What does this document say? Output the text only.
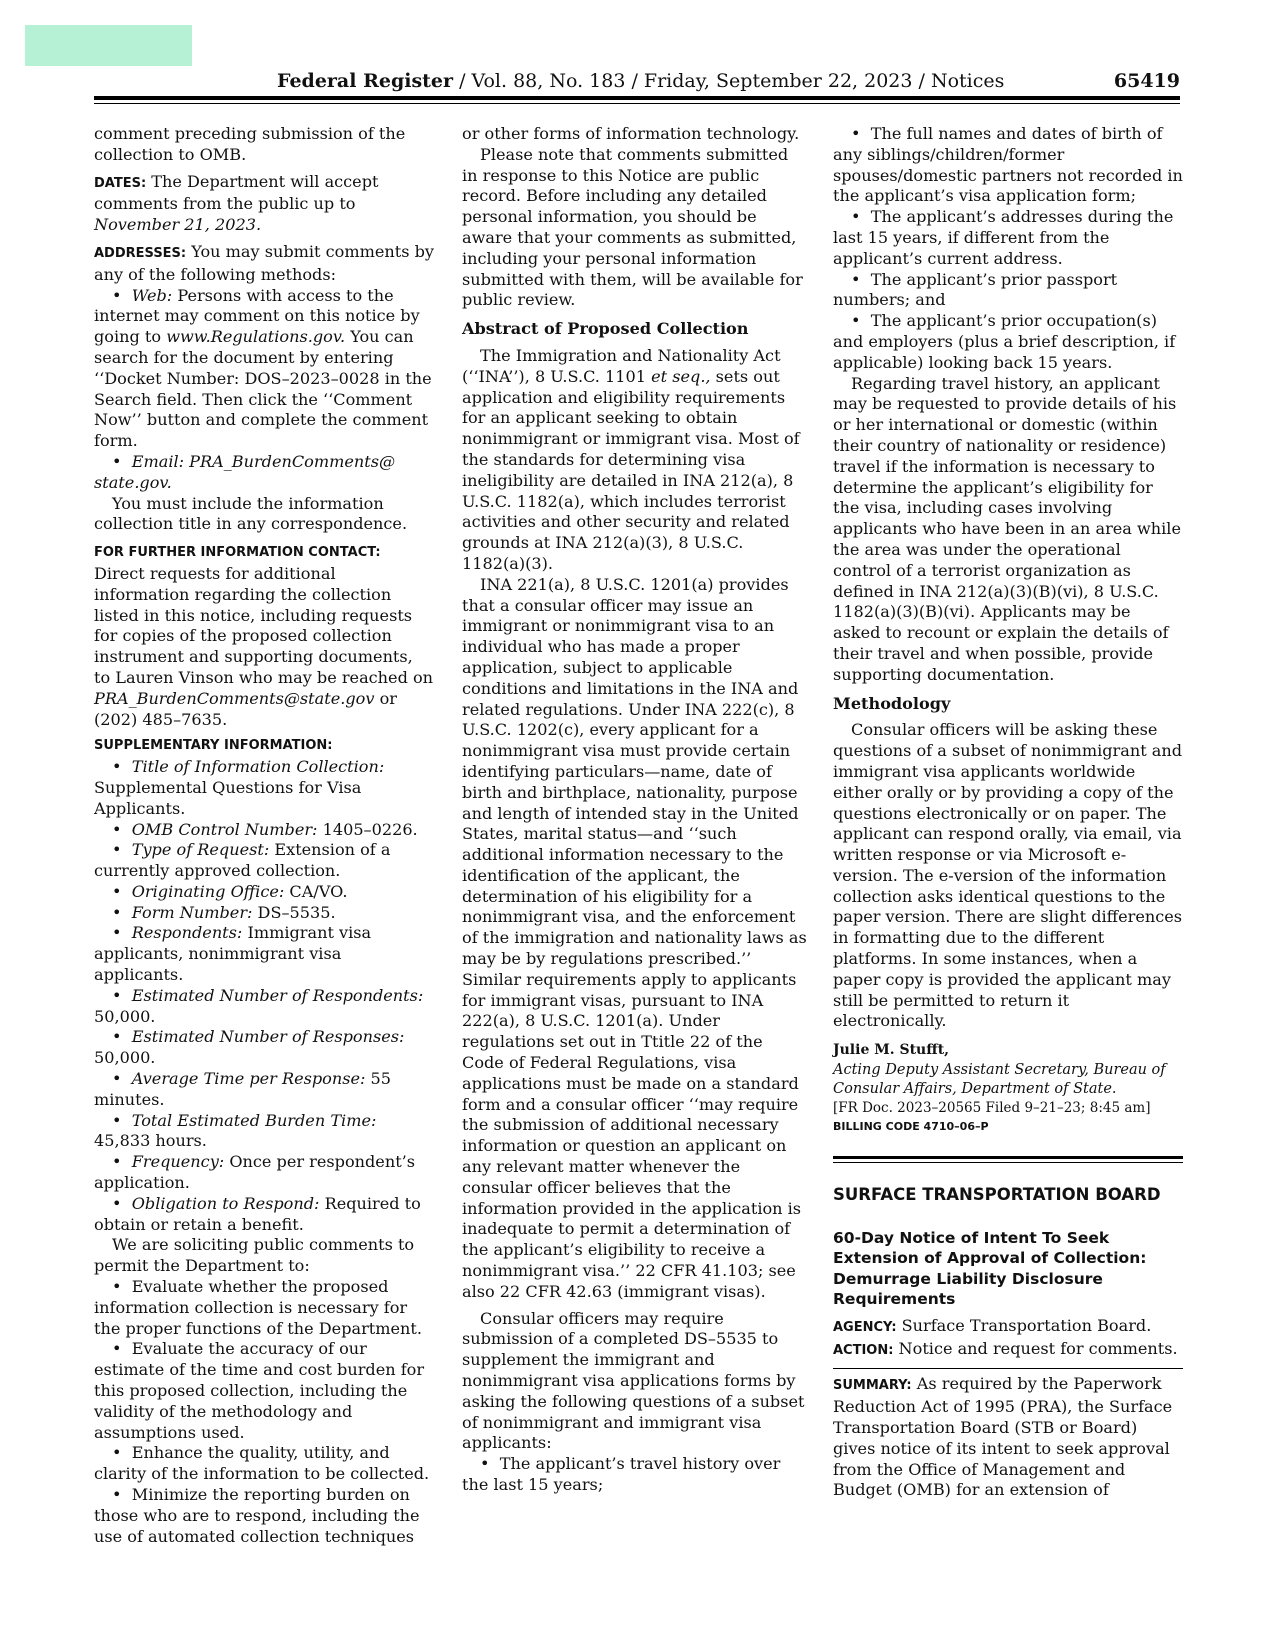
Federal Register / Vol. 88, No. 183 / Friday, September 22, 2023 / Notices	65419

comment preceding submission of the collection to OMB.

DATES: The Department will accept comments from the public up to November 21, 2023.

ADDRESSES: You may submit comments by any of the following methods:

•  Web: Persons with access to the internet may comment on this notice by going to www.Regulations.gov. You can search for the document by entering ‘‘Docket Number: DOS–2023–0028 in the Search field. Then click the ‘‘Comment Now’’ button and complete the comment form.

•  Email: PRA_BurdenComments@ state.gov.

You must include the information collection title in any correspondence.

FOR FURTHER INFORMATION CONTACT:
Direct requests for additional information regarding the collection listed in this notice, including requests for copies of the proposed collection instrument and supporting documents, to Lauren Vinson who may be reached on PRA_BurdenComments@state.gov or (202) 485–7635.

SUPPLEMENTARY INFORMATION:

•  Title of Information Collection: Supplemental Questions for Visa Applicants.

•  OMB Control Number: 1405–0226.

•  Type of Request: Extension of a currently approved collection.

•  Originating Office: CA/VO.

•  Form Number: DS–5535.

•  Respondents: Immigrant visa applicants, nonimmigrant visa applicants.

•  Estimated Number of Respondents: 50,000.

•  Estimated Number of Responses: 50,000.

•  Average Time per Response: 55 minutes.

•  Total Estimated Burden Time: 45,833 hours.

•  Frequency: Once per respondent’s application.

•  Obligation to Respond: Required to obtain or retain a benefit.

We are soliciting public comments to permit the Department to:

•  Evaluate whether the proposed information collection is necessary for the proper functions of the Department.

•  Evaluate the accuracy of our estimate of the time and cost burden for this proposed collection, including the validity of the methodology and assumptions used.

•  Enhance the quality, utility, and clarity of the information to be collected.

•  Minimize the reporting burden on those who are to respond, including the use of automated collection techniques

or other forms of information technology.

Please note that comments submitted in response to this Notice are public record. Before including any detailed personal information, you should be aware that your comments as submitted, including your personal information submitted with them, will be available for public review.

Abstract of Proposed Collection

The Immigration and Nationality Act (‘‘INA’’), 8 U.S.C. 1101 et seq., sets out application and eligibility requirements for an applicant seeking to obtain nonimmigrant or immigrant visa. Most of the standards for determining visa ineligibility are detailed in INA 212(a), 8 U.S.C. 1182(a), which includes terrorist activities and other security and related grounds at INA 212(a)(3), 8 U.S.C. 1182(a)(3).

INA 221(a), 8 U.S.C. 1201(a) provides that a consular officer may issue an immigrant or nonimmigrant visa to an individual who has made a proper application, subject to applicable conditions and limitations in the INA and related regulations. Under INA 222(c), 8 U.S.C. 1202(c), every applicant for a nonimmigrant visa must provide certain identifying particulars—name, date of birth and birthplace, nationality, purpose and length of intended stay in the United States, marital status—and ‘‘such additional information necessary to the identification of the applicant, the determination of his eligibility for a nonimmigrant visa, and the enforcement of the immigration and nationality laws as may be by regulations prescribed.’’ Similar requirements apply to applicants for immigrant visas, pursuant to INA 222(a), 8 U.S.C. 1201(a). Under regulations set out in Ttitle 22 of the Code of Federal Regulations, visa applications must be made on a standard form and a consular officer ‘‘may require the submission of additional necessary information or question an applicant on any relevant matter whenever the consular officer believes that the information provided in the application is inadequate to permit a determination of the applicant’s eligibility to receive a nonimmigrant visa.’’ 22 CFR 41.103; see also 22 CFR 42.63 (immigrant visas).

Consular officers may require submission of a completed DS–5535 to supplement the immigrant and nonimmigrant visa applications forms by asking the following questions of a subset of nonimmigrant and immigrant visa applicants:

•  The applicant’s travel history over the last 15 years;

•  The full names and dates of birth of any siblings/children/former spouses/domestic partners not recorded in the applicant’s visa application form;

•  The applicant’s addresses during the last 15 years, if different from the applicant’s current address.

•  The applicant’s prior passport numbers; and

•  The applicant’s prior occupation(s) and employers (plus a brief description, if applicable) looking back 15 years.

Regarding travel history, an applicant may be requested to provide details of his or her international or domestic (within their country of nationality or residence) travel if the information is necessary to determine the applicant’s eligibility for the visa, including cases involving applicants who have been in an area while the area was under the operational control of a terrorist organization as defined in INA 212(a)(3)(B)(vi), 8 U.S.C. 1182(a)(3)(B)(vi). Applicants may be asked to recount or explain the details of their travel and when possible, provide supporting documentation.

Methodology

Consular officers will be asking these questions of a subset of nonimmigrant and immigrant visa applicants worldwide either orally or by providing a copy of the questions electronically or on paper. The applicant can respond orally, via email, via written response or via Microsoft e-version. The e-version of the information collection asks identical questions to the paper version. There are slight differences in formatting due to the different platforms. In some instances, when a paper copy is provided the applicant may still be permitted to return it electronically.

Julie M. Stufft,

Acting Deputy Assistant Secretary, Bureau of Consular Affairs, Department of State.

[FR Doc. 2023–20565 Filed 9–21–23; 8:45 am]

BILLING CODE 4710–06–P

SURFACE TRANSPORTATION BOARD

60-Day Notice of Intent To Seek Extension of Approval of Collection: Demurrage Liability Disclosure Requirements

AGENCY: Surface Transportation Board.

ACTION: Notice and request for comments.

SUMMARY: As required by the Paperwork Reduction Act of 1995 (PRA), the Surface Transportation Board (STB or Board) gives notice of its intent to seek approval from the Office of Management and Budget (OMB) for an extension of
